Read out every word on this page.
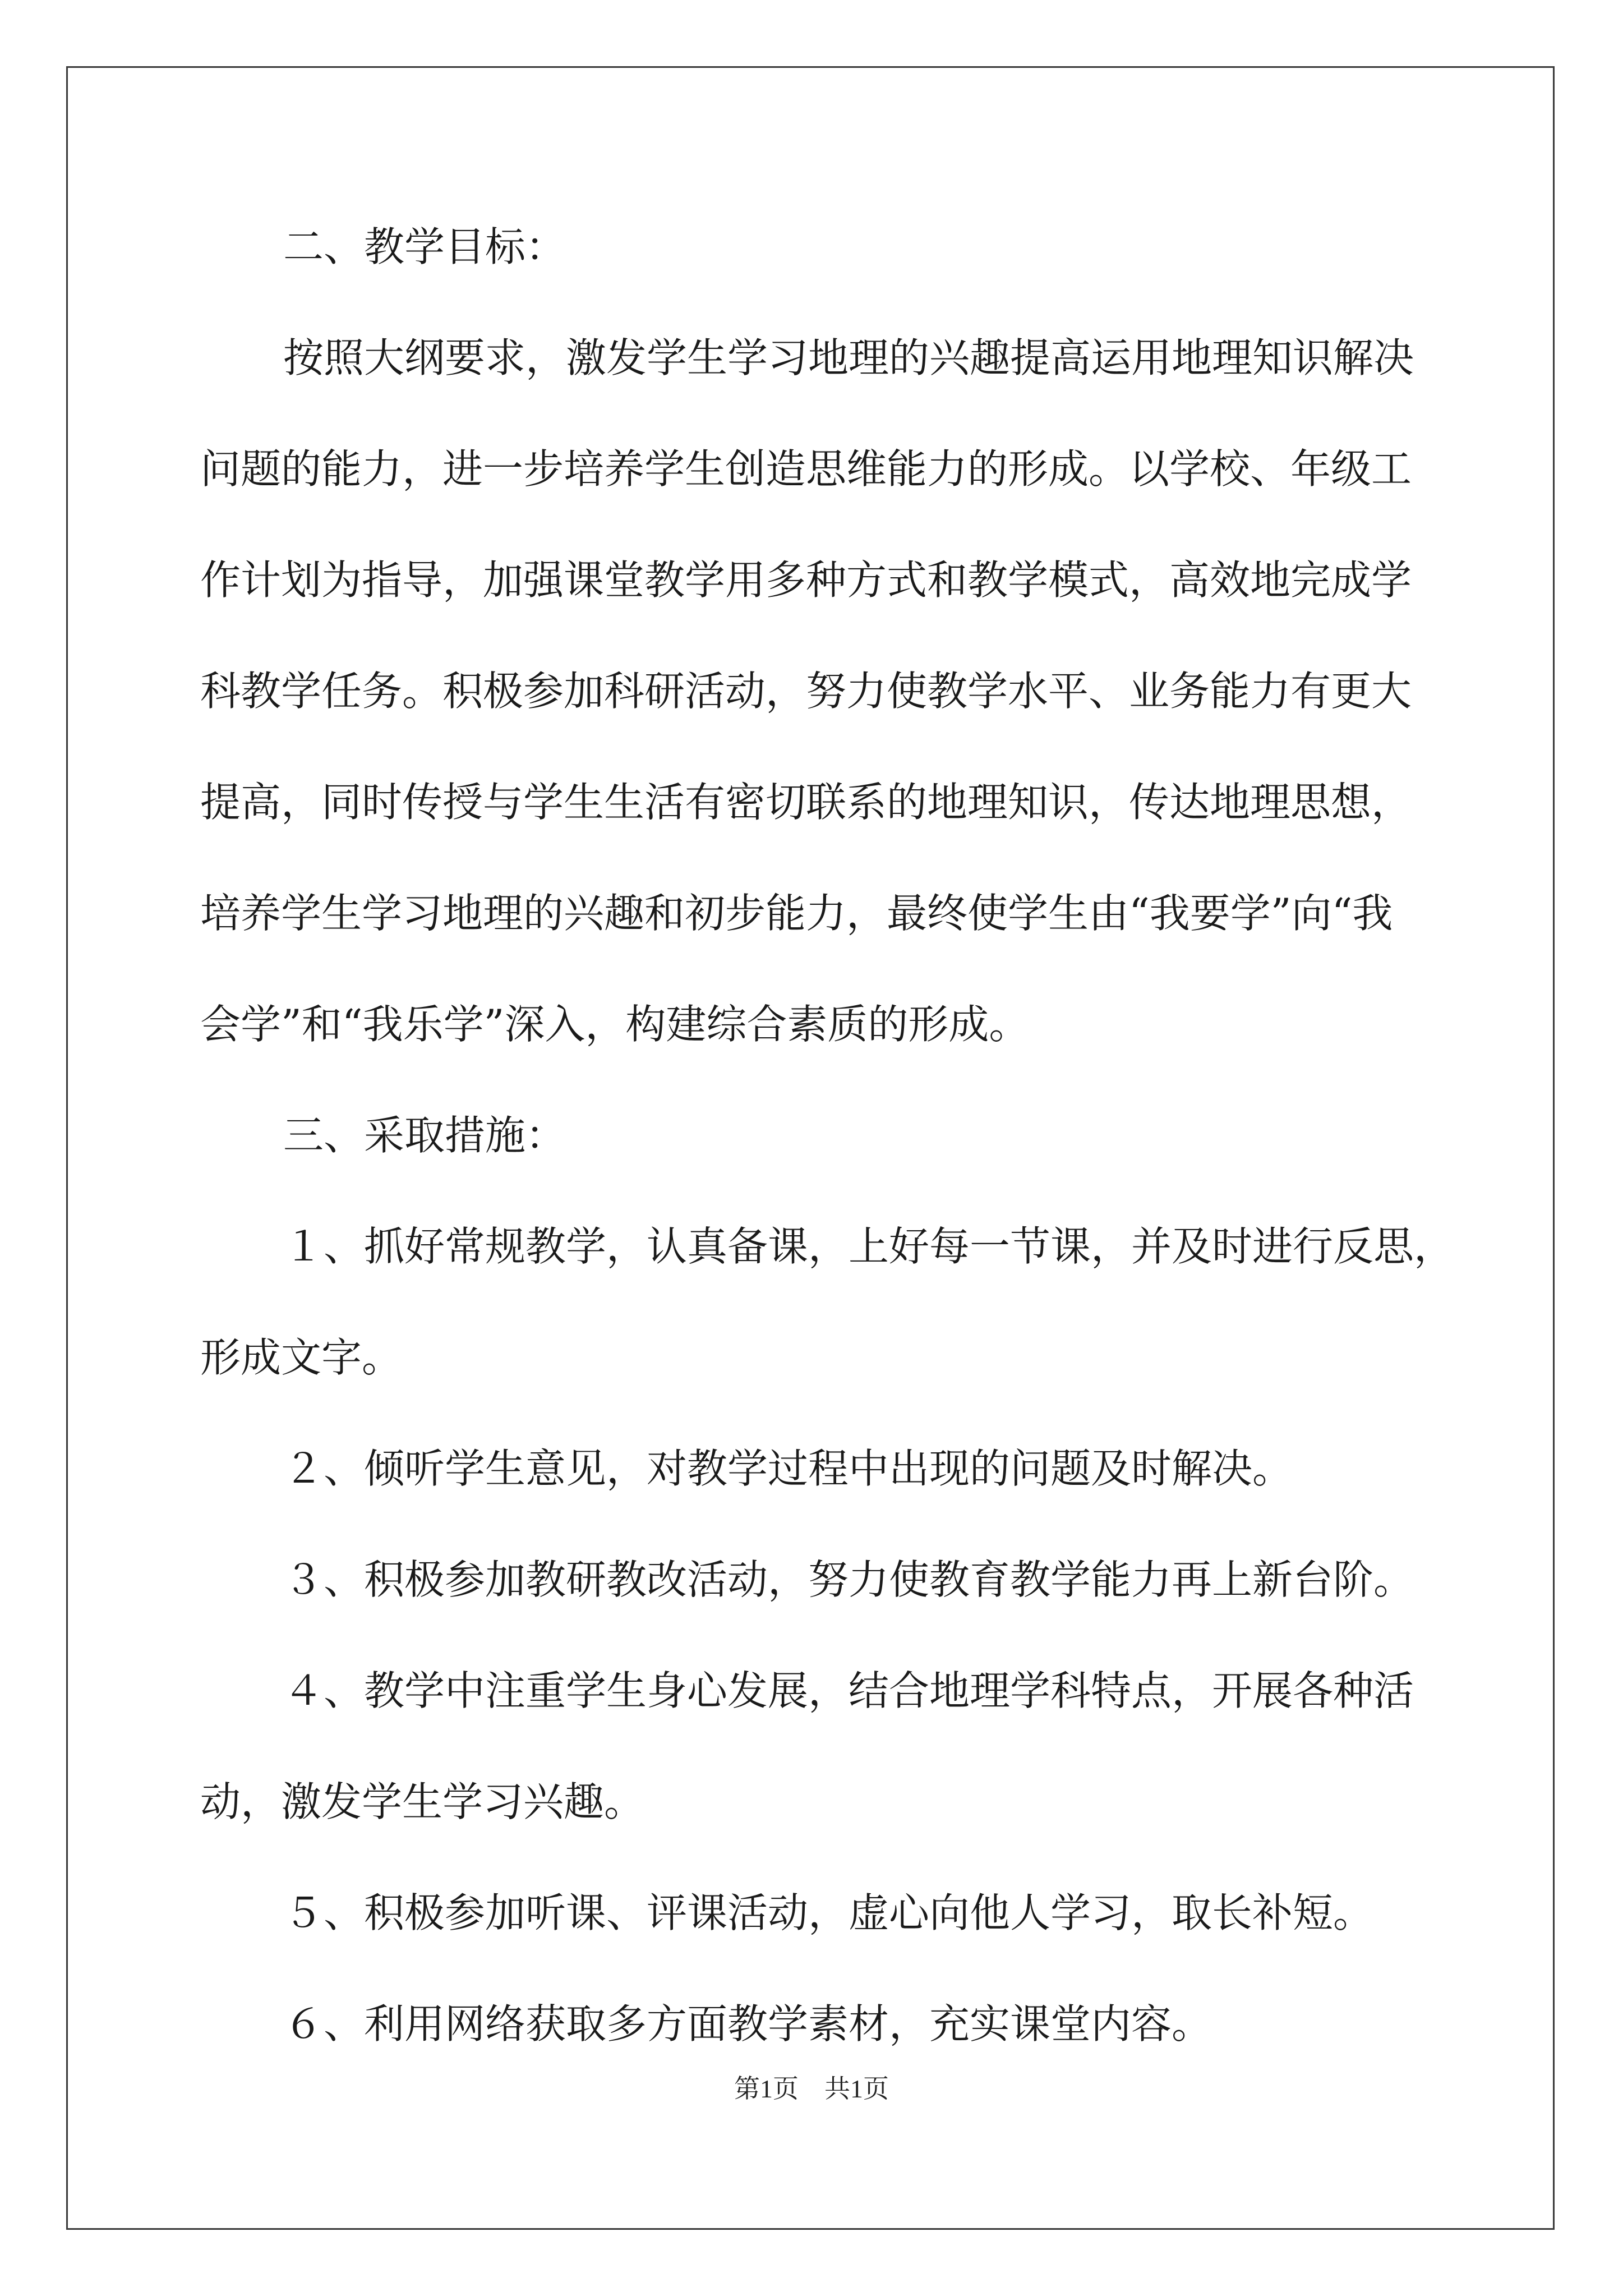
二、教学目标：
按照大纲要求，激发学生学习地理的兴趣提高运用地理知识解决
问题的能力，进一步培养学生创造思维能力的形成。以学校、年级工
作计划为指导，加强课堂教学用多种方式和教学模式，高效地完成学
科教学任务。积极参加科研活动，努力使教学水平、业务能力有更大
提高，同时传授与学生生活有密切联系的地理知识，传达地理思想，
培养学生学习地理的兴趣和初步能力，最终使学生由“我要学”向“我
会学”和“我乐学”深入，构建综合素质的形成。
三、采取措施：
１、抓好常规教学，认真备课，上好每一节课，并及时进行反思，
形成文字。
２、倾听学生意见，对教学过程中出现的问题及时解决。
３、积极参加教研教改活动，努力使教育教学能力再上新台阶。
４、教学中注重学生身心发展，结合地理学科特点，开展各种活
动，激发学生学习兴趣。
５、积极参加听课、评课活动，虚心向他人学习，取长补短。
６、利用网络获取多方面教学素材，充实课堂内容。
第1页　共1页
